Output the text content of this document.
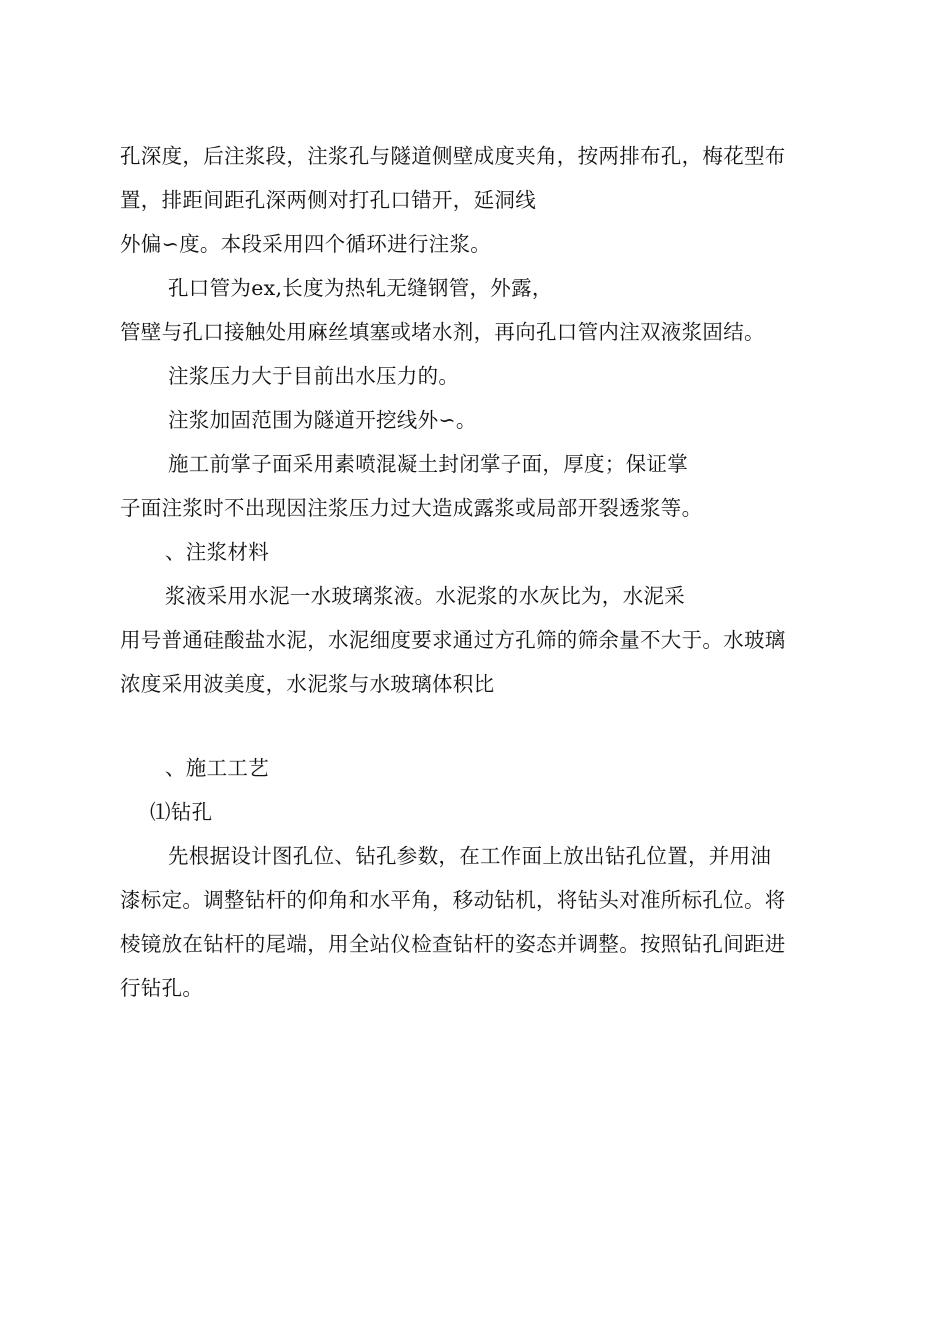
孔深度，后注浆段，注浆孔与隧道侧壁成度夹角，按两排布孔，梅花型布
置，排距间距孔深两侧对打孔口错开，延洞线
外偏∽度。本段采用四个循环进行注浆。
孔口管为ex,长度为热轧无缝钢管，外露，
管壁与孔口接触处用麻丝填塞或堵水剂，再向孔口管内注双液浆固结。
注浆压力大于目前出水压力的。
注浆加固范围为隧道开挖线外∽。
施工前掌子面采用素喷混凝土封闭掌子面，厚度；保证掌
子面注浆时不出现因注浆压力过大造成露浆或局部开裂透浆等。
、注浆材料
浆液采用水泥一水玻璃浆液。水泥浆的水灰比为，水泥采
用号普通硅酸盐水泥，水泥细度要求通过方孔筛的筛余量不大于。水玻璃
浓度采用波美度，水泥浆与水玻璃体积比
、施工工艺
⑴钻孔
先根据设计图孔位、钻孔参数，在工作面上放出钻孔位置，并用油
漆标定。调整钻杆的仰角和水平角，移动钻机，将钻头对准所标孔位。将
棱镜放在钻杆的尾端，用全站仪检查钻杆的姿态并调整。按照钻孔间距进
行钻孔。
